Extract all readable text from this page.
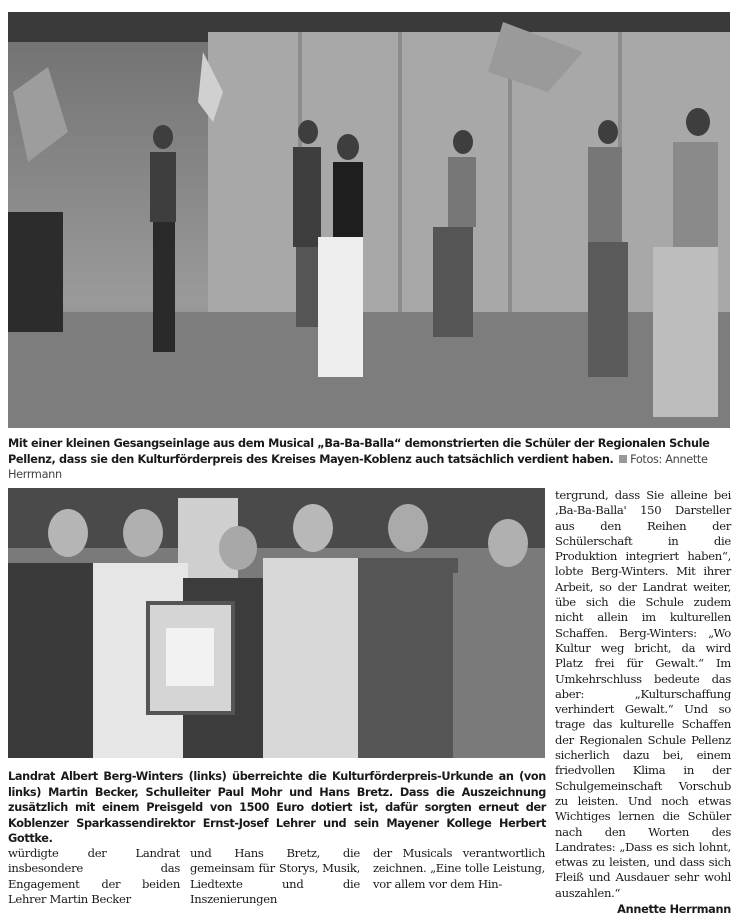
Mit einer kleinen Gesangseinlage aus dem Musical „Ba-Ba-Balla“ demonstrierten die Schüler der Regionalen Schule Pellenz, dass sie den Kulturförderpreis des Kreises Mayen-Koblenz auch tatsächlich verdient haben. Fotos: Annette Herrmann
Landrat Albert Berg-Winters (links) überreichte die Kulturförderpreis-Urkunde an (von links) Martin Becker, Schulleiter Paul Mohr und Hans Bretz. Dass die Auszeichnung zusätzlich mit einem Preisgeld von 1500 Euro dotiert ist, dafür sorgten erneut der Koblenzer Sparkassendirektor Ernst-Josef Lehrer und sein Mayener Kollege Herbert Gottke.
würdigte der Landrat insbesondere das Engagement der beiden Lehrer Martin Becker
und Hans Bretz, die gemeinsam für Storys, Musik, Liedtexte und die Inszenierungen
der Musicals verantwortlich zeichnen. „Eine tolle Leistung, vor allem vor dem Hin-
tergrund, dass Sie alleine bei ‚Ba-Ba-Balla' 150 Darsteller aus den Reihen der Schülerschaft in die Produktion integriert haben“, lobte Berg-Winters. Mit ihrer Arbeit, so der Landrat weiter, übe sich die Schule zudem nicht allein im kulturellen Schaffen. Berg-Winters: „Wo Kultur weg bricht, da wird Platz frei für Gewalt.“ Im Umkehrschluss bedeute das aber: „Kulturschaffung verhindert Gewalt.“ Und so trage das kulturelle Schaffen der Regionalen Schule Pellenz sicherlich dazu bei, einem friedvollen Klima in der Schulgemeinschaft Vorschub zu leisten. Und noch etwas Wichtiges lernen die Schüler nach den Worten des Landrates: „Dass es sich lohnt, etwas zu leisten, und dass sich Fleiß und Ausdauer sehr wohl auszahlen.“
Annette Herrmann
